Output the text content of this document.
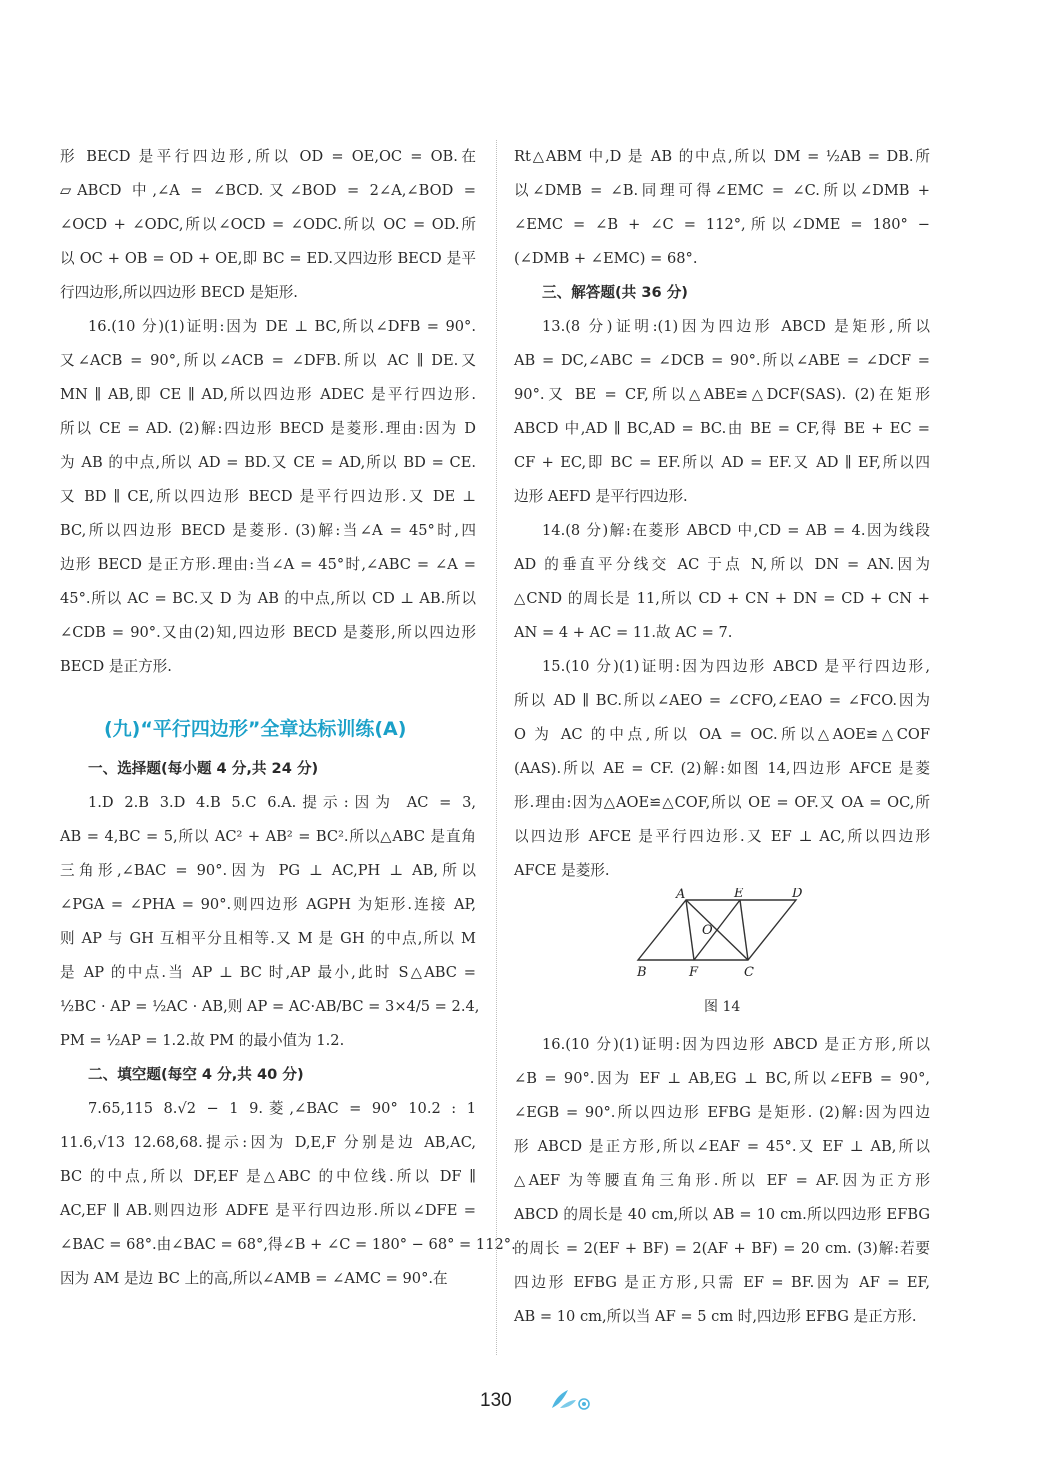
形 BECD 是平行四边形,所以 OD = OE,OC = OB.在
▱ABCD 中,∠A = ∠BCD.又∠BOD = 2∠A,∠BOD =
∠OCD + ∠ODC,所以∠OCD = ∠ODC.所以 OC = OD.所
以 OC + OB = OD + OE,即 BC = ED.又四边形 BECD 是平
行四边形,所以四边形 BECD 是矩形.
16.(10 分)(1)证明:因为 DE ⊥ BC,所以∠DFB = 90°.
又∠ACB = 90°,所以∠ACB = ∠DFB.所以 AC ∥ DE.又
MN ∥ AB,即 CE ∥ AD,所以四边形 ADEC 是平行四边形.
所以 CE = AD. (2)解:四边形 BECD 是菱形.理由:因为 D
为 AB 的中点,所以 AD = BD.又 CE = AD,所以 BD = CE.
又 BD ∥ CE,所以四边形 BECD 是平行四边形.又 DE ⊥
BC,所以四边形 BECD 是菱形. (3)解:当∠A = 45°时,四
边形 BECD 是正方形.理由:当∠A = 45°时,∠ABC = ∠A =
45°.所以 AC = BC.又 D 为 AB 的中点,所以 CD ⊥ AB.所以
∠CDB = 90°.又由(2)知,四边形 BECD 是菱形,所以四边形
BECD 是正方形.
(九)“平行四边形”全章达标训练(A)
一、选择题(每小题 4 分,共 24 分)
1.D 2.B 3.D 4.B 5.C 6.A.提示:因为 AC = 3,
AB = 4,BC = 5,所以 AC² + AB² = BC².所以△ABC 是直角
三角形,∠BAC = 90°.因为 PG ⊥ AC,PH ⊥ AB,所以
∠PGA = ∠PHA = 90°.则四边形 AGPH 为矩形.连接 AP,
则 AP 与 GH 互相平分且相等.又 M 是 GH 的中点,所以 M
是 AP 的中点.当 AP ⊥ BC 时,AP 最小,此时 S△ABC =
½BC · AP = ½AC · AB,则 AP = AC·AB/BC = 3×4/5 = 2.4,
PM = ½AP = 1.2.故 PM 的最小值为 1.2.
二、填空题(每空 4 分,共 40 分)
7.65,115 8.√2 − 1 9.菱,∠BAC = 90° 10.2 : 1
11.6,√13 12.68,68.提示:因为 D,E,F 分别是边 AB,AC,
BC 的中点,所以 DF,EF 是△ABC 的中位线.所以 DF ∥
AC,EF ∥ AB.则四边形 ADFE 是平行四边形.所以∠DFE =
∠BAC = 68°.由∠BAC = 68°,得∠B + ∠C = 180° − 68° = 112°.
因为 AM 是边 BC 上的高,所以∠AMB = ∠AMC = 90°.在
Rt△ABM 中,D 是 AB 的中点,所以 DM = ½AB = DB.所
以∠DMB = ∠B.同理可得∠EMC = ∠C.所以∠DMB +
∠EMC = ∠B + ∠C = 112°,所以∠DME = 180° −
(∠DMB + ∠EMC) = 68°.
三、解答题(共 36 分)
13.(8 分)证明:(1)因为四边形 ABCD 是矩形,所以
AB = DC,∠ABC = ∠DCB = 90°.所以∠ABE = ∠DCF =
90°.又 BE = CF,所以△ABE≌△DCF(SAS). (2)在矩形
ABCD 中,AD ∥ BC,AD = BC.由 BE = CF,得 BE + EC =
CF + EC,即 BC = EF.所以 AD = EF.又 AD ∥ EF,所以四
边形 AEFD 是平行四边形.
14.(8 分)解:在菱形 ABCD 中,CD = AB = 4.因为线段
AD 的垂直平分线交 AC 于点 N,所以 DN = AN.因为
△CND 的周长是 11,所以 CD + CN + DN = CD + CN +
AN = 4 + AC = 11.故 AC = 7.
15.(10 分)(1)证明:因为四边形 ABCD 是平行四边形,
所以 AD ∥ BC.所以∠AEO = ∠CFO,∠EAO = ∠FCO.因为
O 为 AC 的中点,所以 OA = OC.所以△AOE≌△COF
(AAS).所以 AE = CF. (2)解:如图 14,四边形 AFCE 是菱
形.理由:因为△AOE≌△COF,所以 OE = OF.又 OA = OC,所
以四边形 AFCE 是平行四边形.又 EF ⊥ AC,所以四边形
AFCE 是菱形.
A	E	D
O
B	F	C
图 14
16.(10 分)(1)证明:因为四边形 ABCD 是正方形,所以
∠B = 90°.因为 EF ⊥ AB,EG ⊥ BC,所以∠EFB = 90°,
∠EGB = 90°.所以四边形 EFBG 是矩形. (2)解:因为四边
形 ABCD 是正方形,所以∠EAF = 45°.又 EF ⊥ AB,所以
△AEF 为等腰直角三角形.所以 EF = AF.因为正方形
ABCD 的周长是 40 cm,所以 AB = 10 cm.所以四边形 EFBG
的周长 = 2(EF + BF) = 2(AF + BF) = 20 cm. (3)解:若要
四边形 EFBG 是正方形,只需 EF = BF.因为 AF = EF,
AB = 10 cm,所以当 AF = 5 cm 时,四边形 EFBG 是正方形.
130
